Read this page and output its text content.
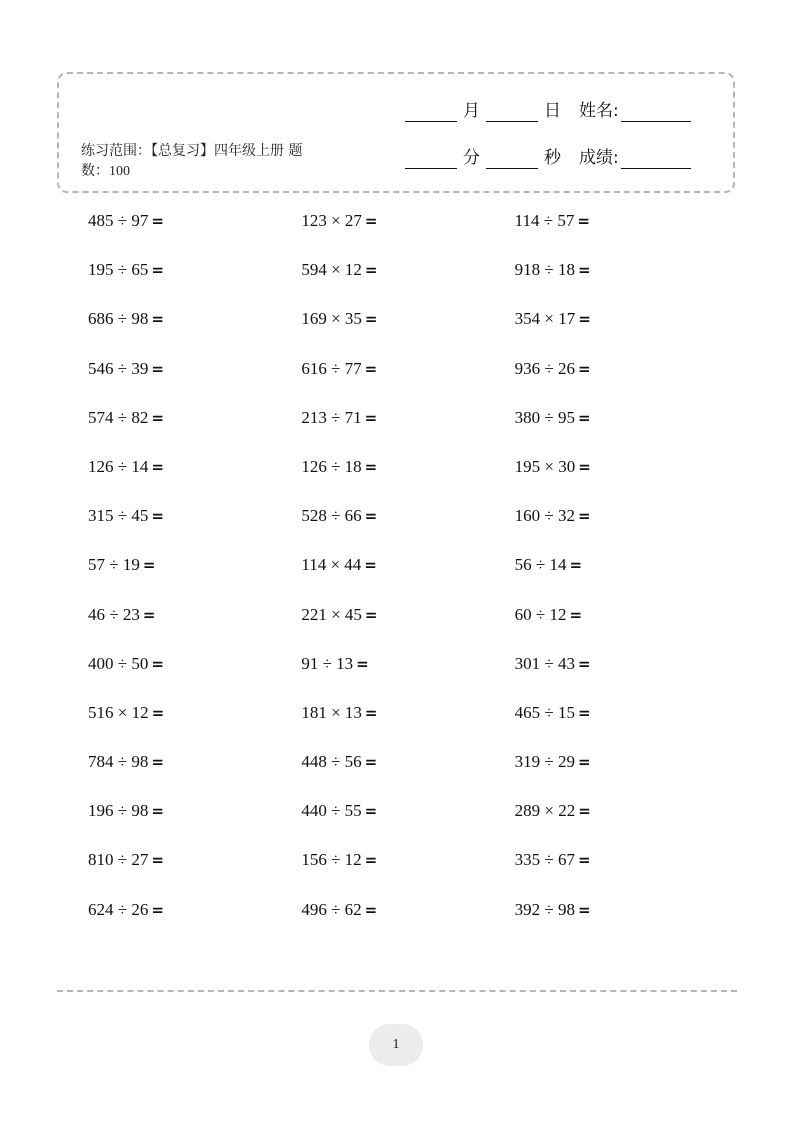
练习范围：【总复习】四年级上册 题数：100
月	日 姓名:
分	秒 成绩:
485 ÷ 97 =	123 × 27 =	114 ÷ 57 =
195 ÷ 65 =	594 × 12 =	918 ÷ 18 =
686 ÷ 98 =	169 × 35 =	354 × 17 =
546 ÷ 39 =	616 ÷ 77 =	936 ÷ 26 =
574 ÷ 82 =	213 ÷ 71 =	380 ÷ 95 =
126 ÷ 14 =	126 ÷ 18 =	195 × 30 =
315 ÷ 45 =	528 ÷ 66 =	160 ÷ 32 =
57 ÷ 19 =	114 × 44 =	56 ÷ 14 =
46 ÷ 23 =	221 × 45 =	60 ÷ 12 =
400 ÷ 50 =	91 ÷ 13 =	301 ÷ 43 =
516 × 12 =	181 × 13 =	465 ÷ 15 =
784 ÷ 98 =	448 ÷ 56 =	319 ÷ 29 =
196 ÷ 98 =	440 ÷ 55 =	289 × 22 =
810 ÷ 27 =	156 ÷ 12 =	335 ÷ 67 =
624 ÷ 26 =	496 ÷ 62 =	392 ÷ 98 =
1
